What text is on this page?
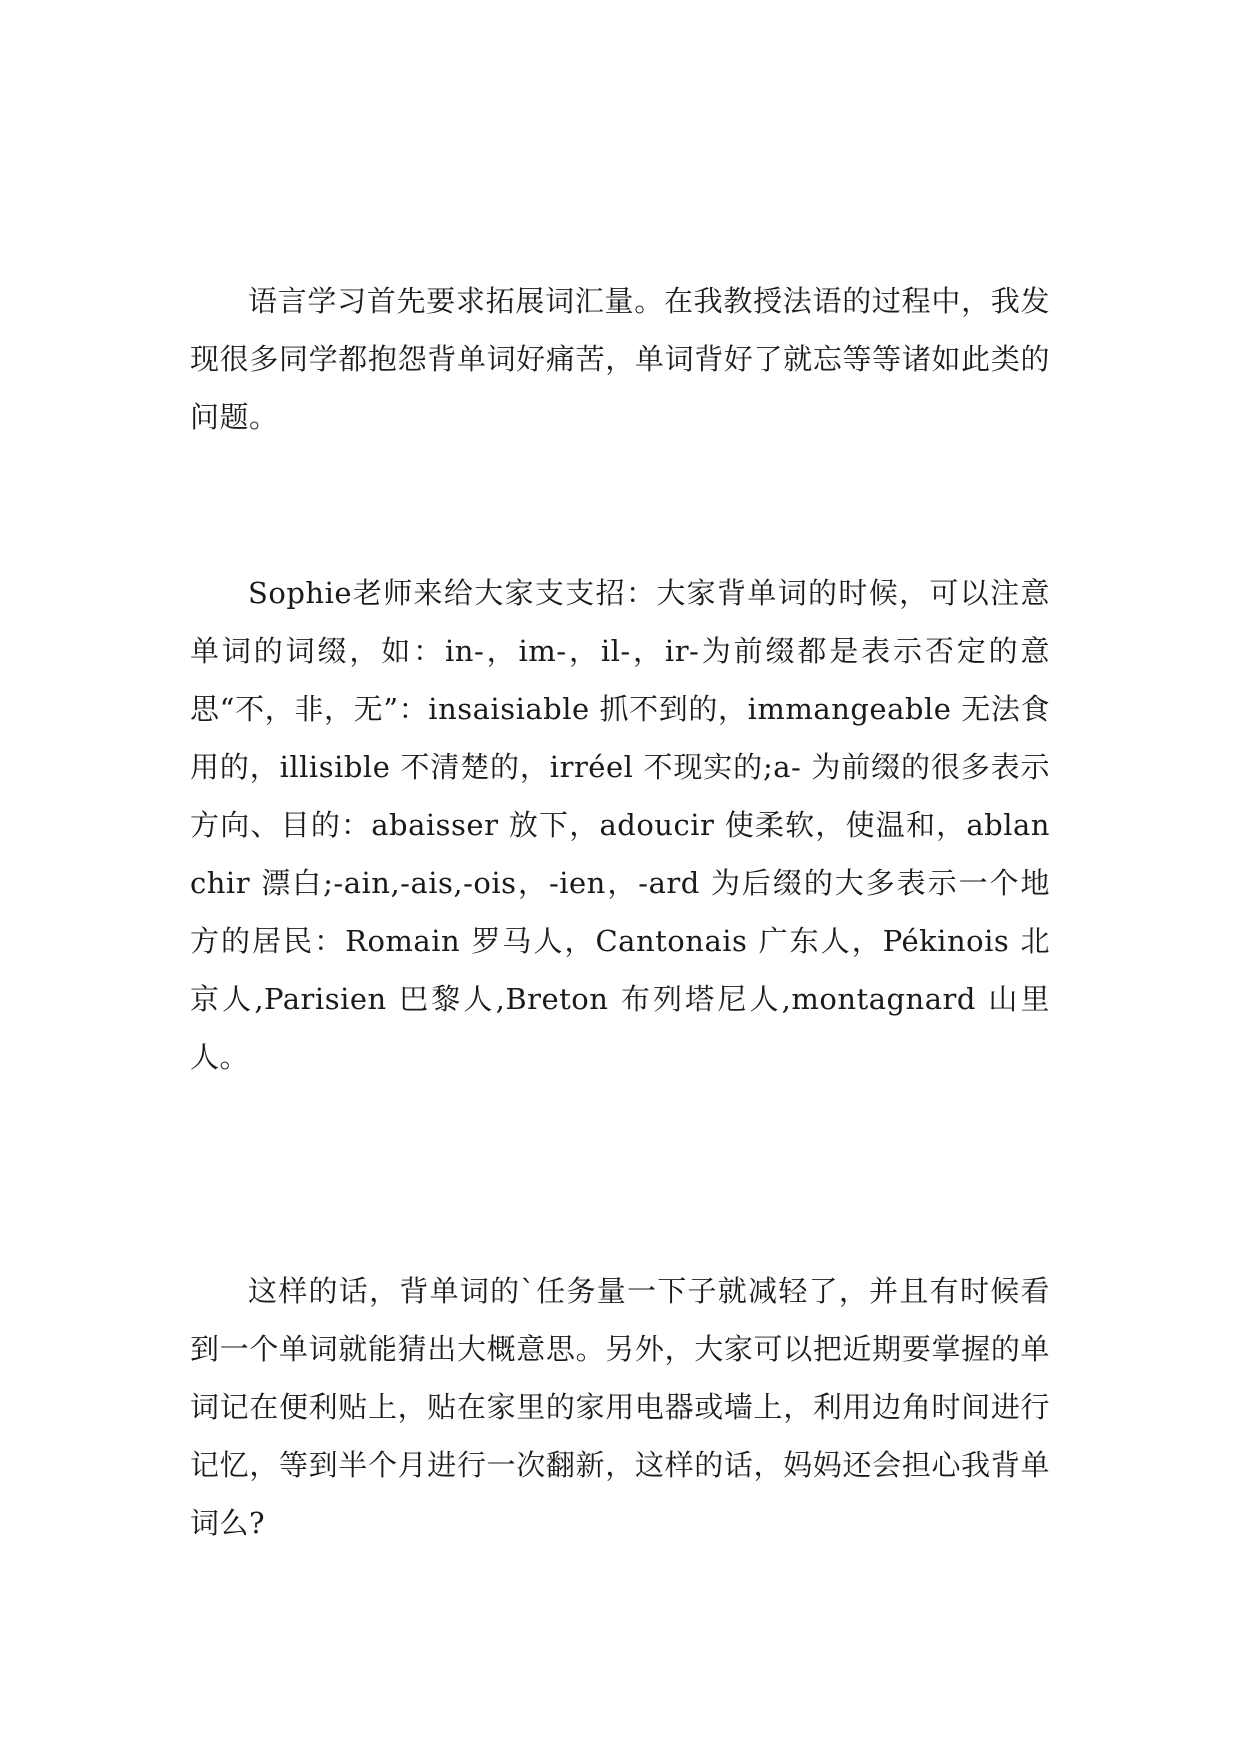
语言学习首先要求拓展词汇量。在我教授法语的过程中，我发现很多同学都抱怨背单词好痛苦，单词背好了就忘等等诸如此类的问题。

Sophie老师来给大家支支招：大家背单词的时候，可以注意单词的词缀，如：in-，im-，il-，ir-为前缀都是表示否定的意思“不，非，无”：insaisiable 抓不到的，immangeable 无法食用的，illisible 不清楚的，irréel 不现实的;a- 为前缀的很多表示方向、目的：abaisser 放下，adoucir 使柔软，使温和，ablanchir 漂白;-ain,-ais,-ois，-ien，-ard 为后缀的大多表示一个地方的居民：Romain 罗马人，Cantonais 广东人，Pékinois 北京人,Parisien 巴黎人,Breton 布列塔尼人,montagnard 山里人。

这样的话，背单词的`任务量一下子就减轻了，并且有时候看到一个单词就能猜出大概意思。另外，大家可以把近期要掌握的单词记在便利贴上，贴在家里的家用电器或墙上，利用边角时间进行记忆，等到半个月进行一次翻新，这样的话，妈妈还会担心我背单词么?
